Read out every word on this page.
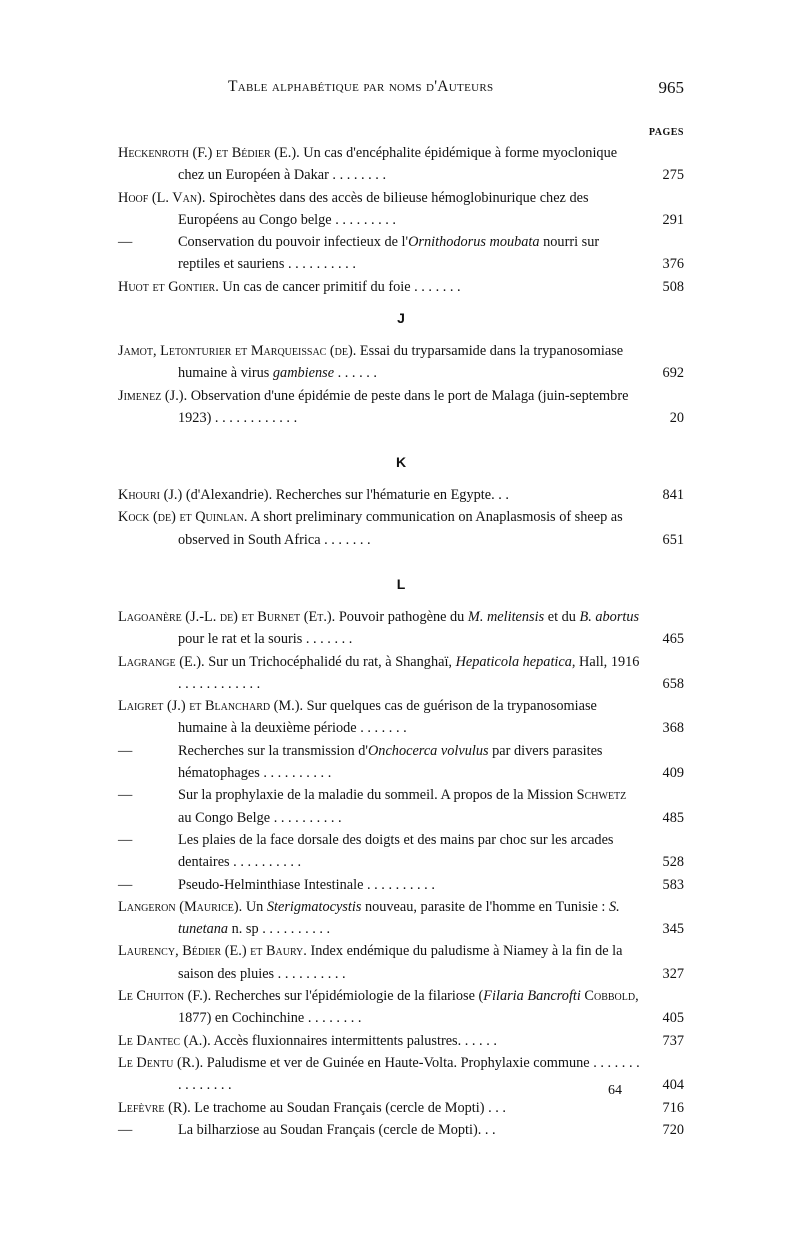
Table alphabétique par noms d'Auteurs	965
PAGES
Heckenroth (F.) et Bédier (E.). Un cas d'encéphalite épidémique à forme myoclonique chez un Européen à Dakar . . . . . . . .	275
Hoof (L. Van). Spirochètes dans des accès de bilieuse hémoglobinurique chez des Européens au Congo belge . . . . . . . . .	291
—	Conservation du pouvoir infectieux de l'Ornithodorus moubata nourri sur reptiles et sauriens . . . . . . . . . .	376
Huot et Gontier. Un cas de cancer primitif du foie . . . . . . .	508
J
Jamot, Letonturier et Marqueissac (de). Essai du tryparsamide dans la trypanosomiase humaine à virus gambiense . . . . . .	692
Jimenez (J.). Observation d'une épidémie de peste dans le port de Malaga (juin-septembre 1923) . . . . . . . . . . . .	20
K
Khouri (J.) (d'Alexandrie). Recherches sur l'hématurie en Egypte. . .	841
Kock (de) et Quinlan. A short preliminary communication on Anaplasmosis of sheep as observed in South Africa . . . . . . .	651
L
Lagoanère (J.-L. de) et Burnet (Et.). Pouvoir pathogène du M. melitensis et du B. abortus pour le rat et la souris . . . . . . .	465
Lagrange (E.). Sur un Trichocéphalidé du rat, à Shanghaï, Hepaticola hepatica, Hall, 1916 . . . . . . . . . . . .	658
Laigret (J.) et Blanchard (M.). Sur quelques cas de guérison de la trypanosomiase humaine à la deuxième période . . . . . . .	368
—	Recherches sur la transmission d'Onchocerca volvulus par divers parasites hématophages . . . . . . . . . .	409
—	Sur la prophylaxie de la maladie du sommeil. A propos de la Mission Schwetz au Congo Belge . . . . . . . . . .	485
—	Les plaies de la face dorsale des doigts et des mains par choc sur les arcades dentaires . . . . . . . . . .	528
—	Pseudo-Helminthiase Intestinale . . . . . . . . . .	583
Langeron (Maurice). Un Sterigmatocystis nouveau, parasite de l'homme en Tunisie : S. tunetana n. sp . . . . . . . . . .	345
Laurency, Bédier (E.) et Baury. Index endémique du paludisme à Niamey à la fin de la saison des pluies . . . . . . . . . .	327
Le Chuiton (F.). Recherches sur l'épidémiologie de la filariose (Filaria Bancrofti Cobbold, 1877) en Cochinchine . . . . . . . .	405
Le Dantec (A.). Accès fluxionnaires intermittents palustres. . . . . .	737
Le Dentu (R.). Paludisme et ver de Guinée en Haute-Volta. Prophylaxie commune . . . . . . . . . . . . . . .	404
Lefèvre (R). Le trachome au Soudan Français (cercle de Mopti) . . .	716
—	La bilharziose au Soudan Français (cercle de Mopti). . .	720
64
